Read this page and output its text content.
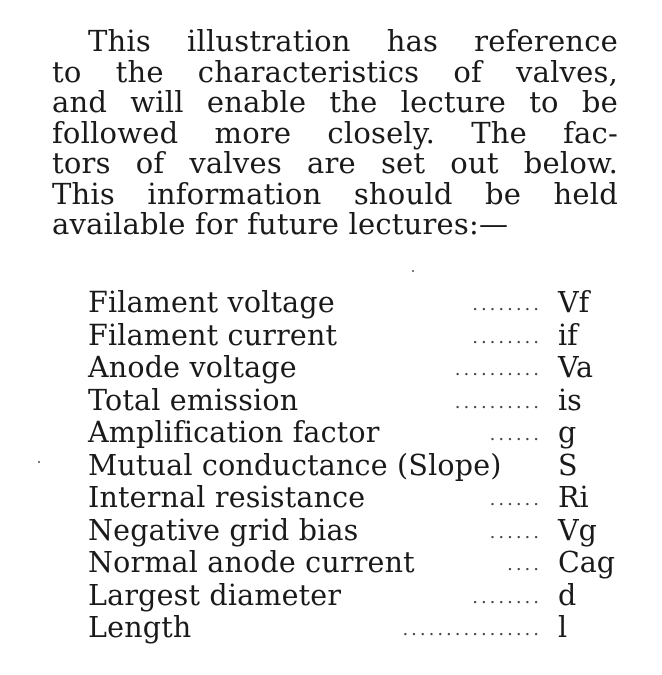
This illustration has reference
to the characteristics of valves,
and will enable the lecture to be
followed more closely. The fac-
tors of valves are set out below.
This information should be held
available for future lectures:—
Filament voltage	........ Vf
Filament current	........ if
Anode voltage	.......... Va
Total emission	.......... is
Amplification factor	...... g
Mutual conductance (Slope) S
Internal resistance	...... Ri
Negative grid bias	...... Vg
Normal anode current	.... Cag
Largest diameter	........ d
Length	................ l
